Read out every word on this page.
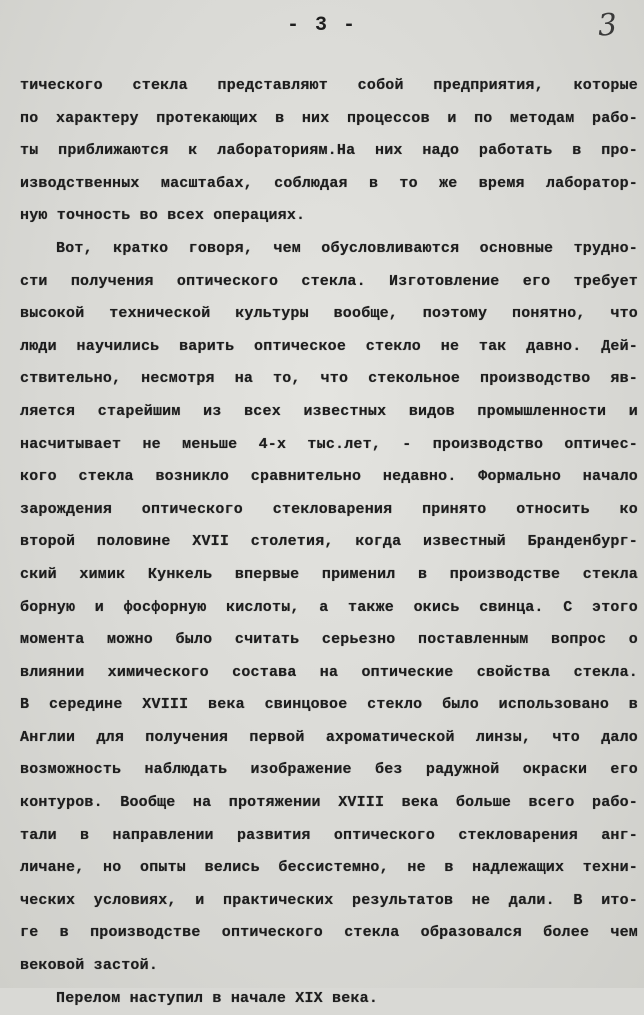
- 3 -	3
тического стекла представляют собой предприятия, которые
по характеру протекающих в них процессов и по методам рабо-
ты приближаются к лабораториям.На них надо работать в про-
изводственных масштабах, соблюдая в то же время лаборатор-
ную точность во всех операциях.
Вот, кратко говоря, чем обусловливаются основные трудно-
сти получения оптического стекла. Изготовление его требует
высокой технической культуры вообще, поэтому понятно, что
люди научились варить оптическое стекло не так давно. Дей-
ствительно, несмотря на то, что стекольное производство яв-
ляется старейшим из всех известных видов промышленности и
насчитывает не меньше 4-х тыс.лет, - производство оптичес-
кого стекла возникло сравнительно недавно. Формально начало
зарождения оптического стекловарения принято относить ко
второй половине XVII столетия, когда известный Бранденбург-
ский химик Кункель впервые применил в производстве стекла
борную и фосфорную кислоты, а также окись свинца. С этого
момента можно было считать серьезно поставленным вопрос о
влиянии химического состава на оптические свойства стекла.
В середине XVIII века свинцовое стекло было использовано в
Англии для получения первой ахроматической линзы, что дало
возможность наблюдать изображение без радужной окраски его
контуров. Вообще на протяжении XVIII века больше всего рабо-
тали в направлении развития оптического стекловарения анг-
личане, но опыты велись бессистемно, не в надлежащих техни-
ческих условиях, и практических результатов не дали. В ито-
ге в производстве оптического стекла образовался более чем
вековой застой.
Перелом наступил в начале XIX века.
